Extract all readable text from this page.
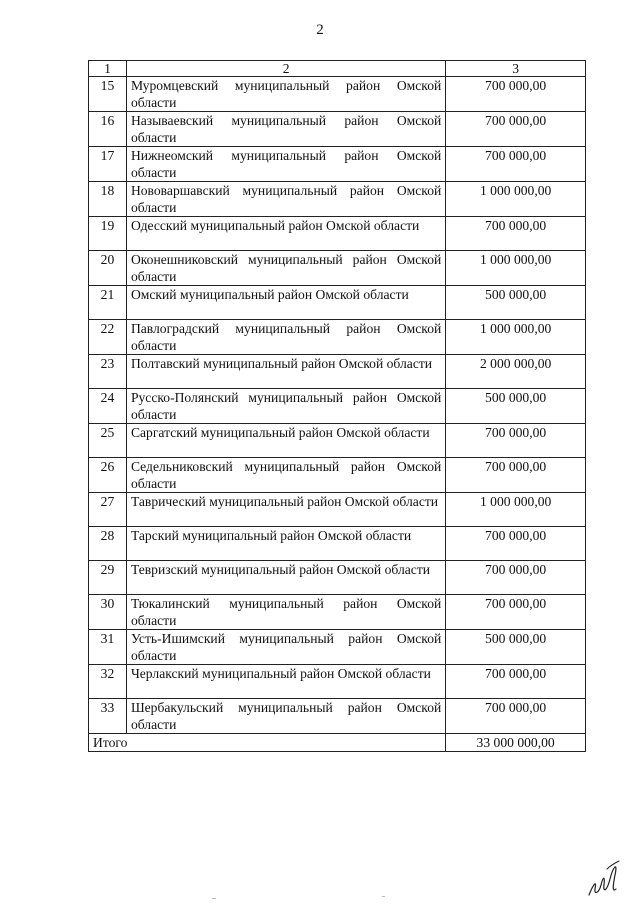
2
1	2	3
15	Муромцевский муниципальный район Омской области	700 000,00
16	Называевский муниципальный район Омской области	700 000,00
17	Нижнеомский муниципальный район Омской области	700 000,00
18	Нововаршавский муниципальный район Омской области	1 000 000,00
19	Одесский муниципальный район Омской области	700 000,00
20	Оконешниковский муниципальный район Омской области	1 000 000,00
21	Омский муниципальный район Омской области	500 000,00
22	Павлоградский муниципальный район Омской области	1 000 000,00
23	Полтавский муниципальный район Омской области	2 000 000,00
24	Русско-Полянский муниципальный район Омской области	500 000,00
25	Саргатский муниципальный район Омской области	700 000,00
26	Седельниковский муниципальный район Омской области	700 000,00
27	Таврический муниципальный район Омской области	1 000 000,00
28	Тарский муниципальный район Омской области	700 000,00
29	Тевризский муниципальный район Омской области	700 000,00
30	Тюкалинский муниципальный район Омской области	700 000,00
31	Усть-Ишимский муниципальный район Омской области	500 000,00
32	Черлакский муниципальный район Омской области	700 000,00
33	Шербакульский муниципальный район Омской области	700 000,00
Итого		33 000 000,00
